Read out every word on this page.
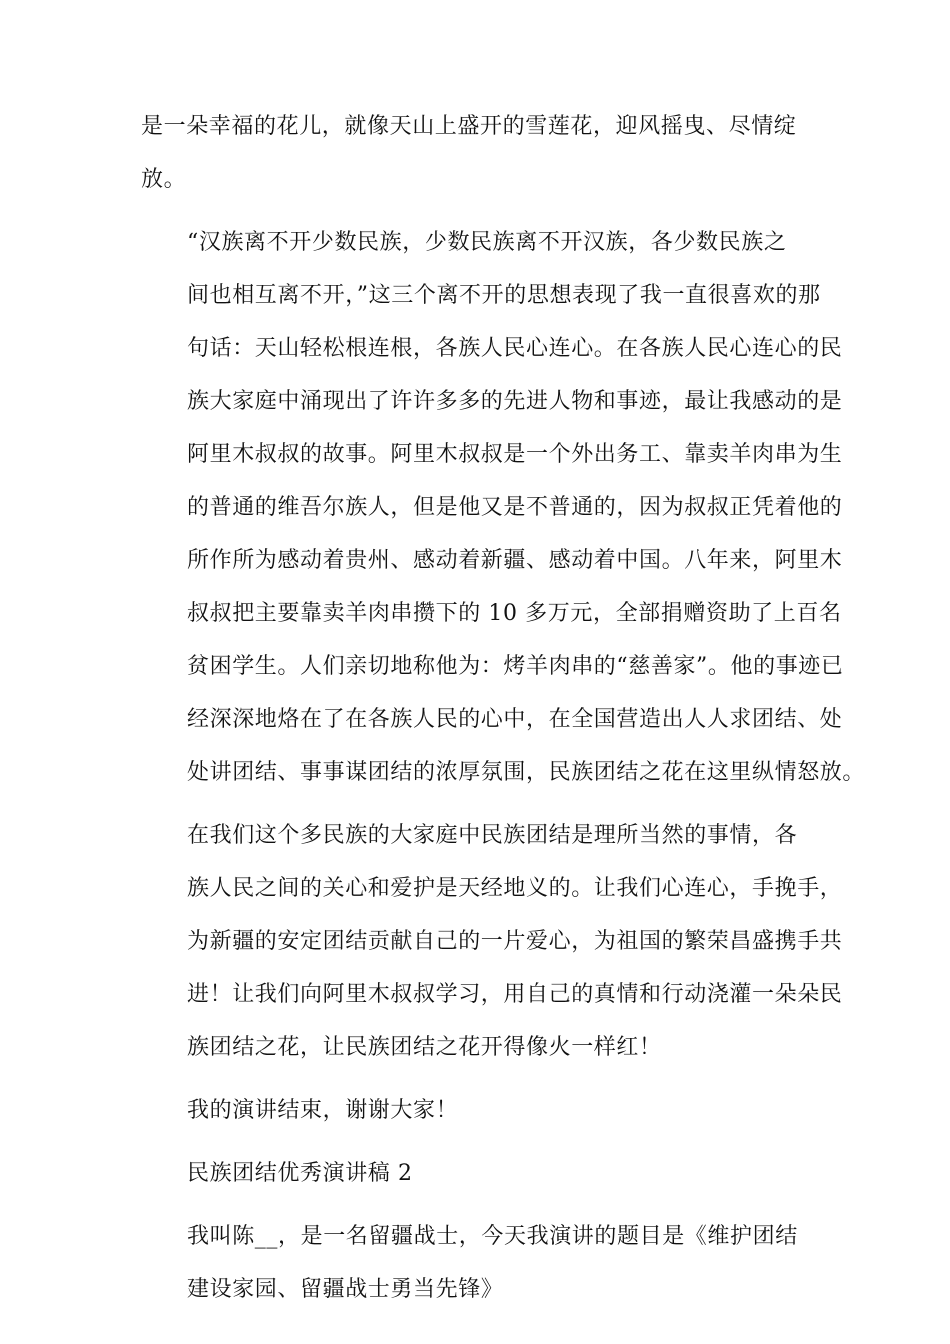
是一朵幸福的花儿，就像天山上盛开的雪莲花，迎风摇曳、尽情绽
放。

“汉族离不开少数民族，少数民族离不开汉族，各少数民族之
间也相互离不开，”这三个离不开的思想表现了我一直很喜欢的那
句话：天山轻松根连根，各族人民心连心。在各族人民心连心的民
族大家庭中涌现出了许许多多的先进人物和事迹，最让我感动的是
阿里木叔叔的故事。阿里木叔叔是一个外出务工、靠卖羊肉串为生
的普通的维吾尔族人，但是他又是不普通的，因为叔叔正凭着他的
所作所为感动着贵州、感动着新疆、感动着中国。八年来，阿里木
叔叔把主要靠卖羊肉串攒下的 10 多万元，全部捐赠资助了上百名
贫困学生。人们亲切地称他为：烤羊肉串的“慈善家”。他的事迹已
经深深地烙在了在各族人民的心中，在全国营造出人人求团结、处
处讲团结、事事谋团结的浓厚氛围，民族团结之花在这里纵情怒放。

在我们这个多民族的大家庭中民族团结是理所当然的事情，各
族人民之间的关心和爱护是天经地义的。让我们心连心，手挽手，
为新疆的安定团结贡献自己的一片爱心，为祖国的繁荣昌盛携手共
进！让我们向阿里木叔叔学习，用自己的真情和行动浇灌一朵朵民
族团结之花，让民族团结之花开得像火一样红！

我的演讲结束，谢谢大家！

民族团结优秀演讲稿 2

我叫陈__，是一名留疆战士，今天我演讲的题目是《维护团结
建设家园、留疆战士勇当先锋》
